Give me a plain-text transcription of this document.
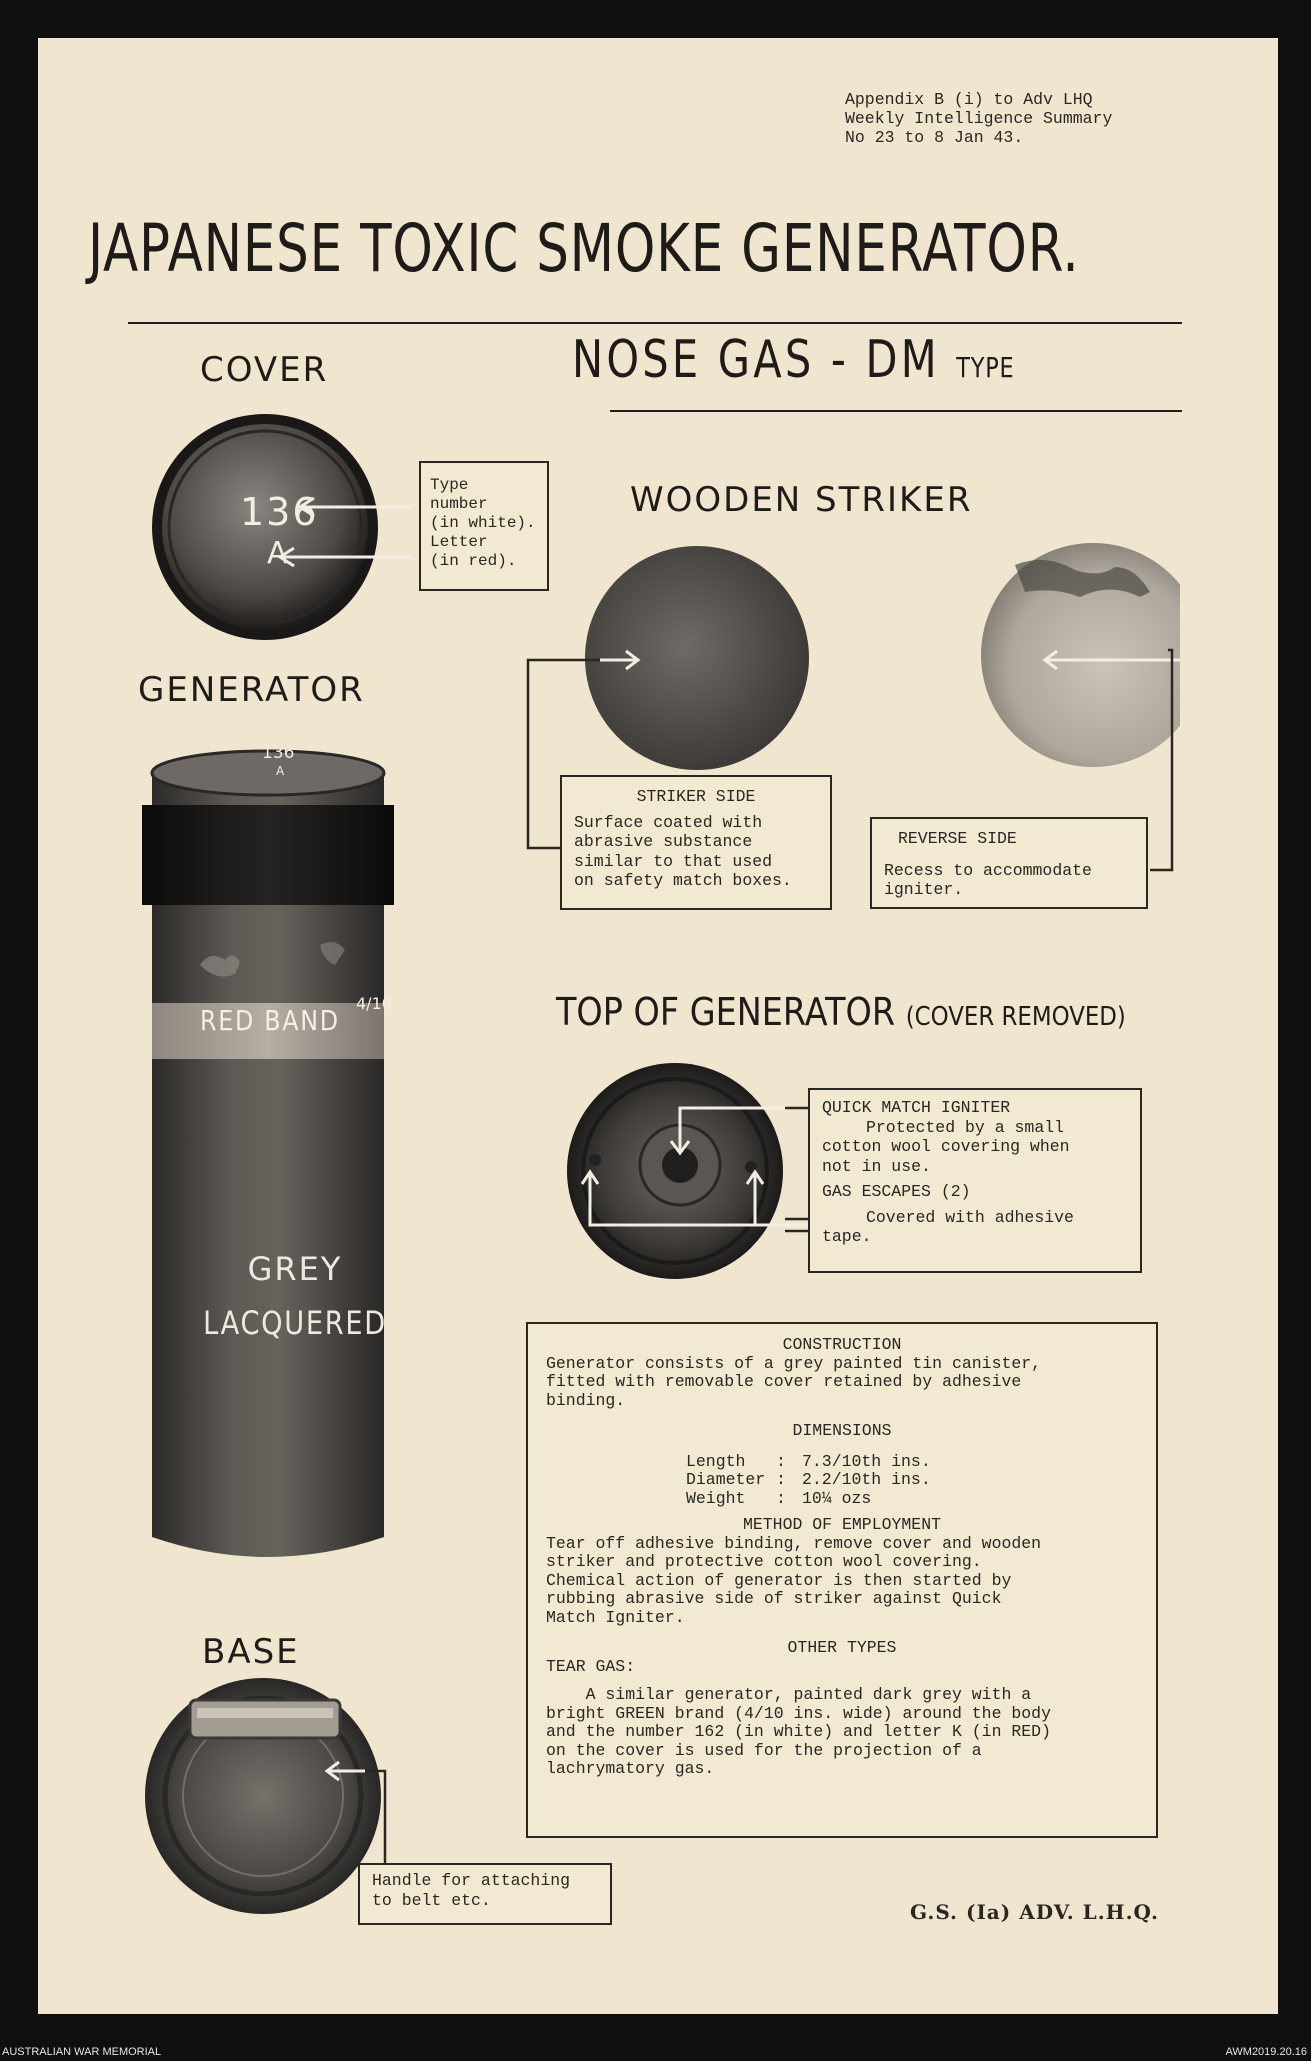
Appendix B (i) to Adv LHQ
Weekly Intelligence Summary
No 23 to 8 Jan 43.
JAPANESE TOXIC SMOKE GENERATOR.
NOSE GAS - DM TYPE
COVER
136
A
Type
number
(in white).
Letter
(in red).
WOODEN STRIKER
STRIKER SIDE
Surface coated with
abrasive substance
similar to that used
on safety match boxes.
REVERSE SIDE
Recess to accommodate
igniter.
GENERATOR
136
A
RED BAND
4/10
GREY
LACQUERED
TOP OF GENERATOR (COVER REMOVED)
QUICK MATCH IGNITER
Protected by a small
cotton wool covering when
not in use.
GAS ESCAPES (2)
Covered with adhesive
tape.
CONSTRUCTION
Generator consists of a grey painted tin canister,
fitted with removable cover retained by adhesive
binding.
DIMENSIONS
Length	: 7.3/10th ins.
Diameter : 2.2/10th ins.
Weight	: 10¼ ozs
METHOD OF EMPLOYMENT
Tear off adhesive binding, remove cover and wooden
striker and protective cotton wool covering.
Chemical action of generator is then started by
rubbing abrasive side of striker against Quick
Match Igniter.
OTHER TYPES
TEAR GAS:
A similar generator, painted dark grey with a
bright GREEN brand (4/10 ins. wide) around the body
and the number 162 (in white) and letter K (in RED)
on the cover is used for the projection of a
lachrymatory gas.
BASE
Handle for attaching
to belt etc.	G.S. (Ia) ADV. L.H.Q.
AUSTRALIAN WAR MEMORIAL	AWM2019.20.16
